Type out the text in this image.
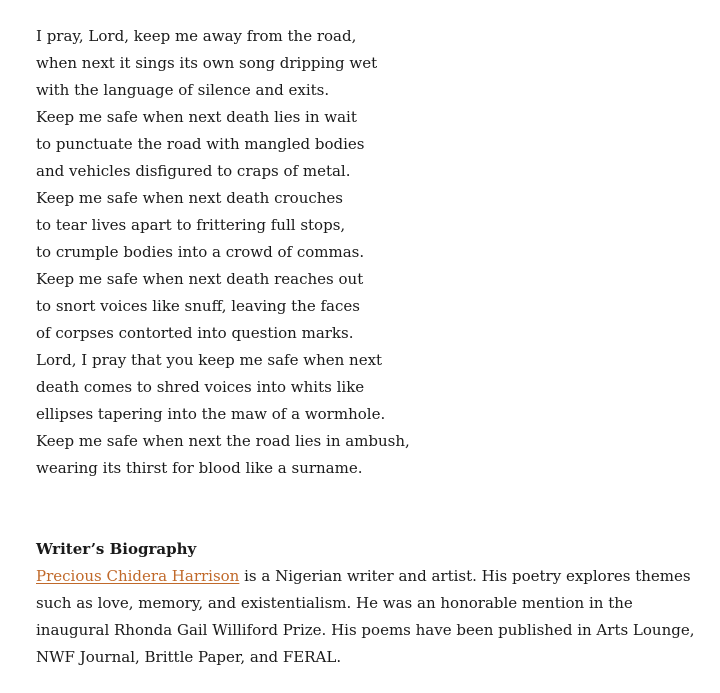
I pray, Lord, keep me away from the road,
when next it sings its own song dripping wet
with the language of silence and exits.
Keep me safe when next death lies in wait
to punctuate the road with mangled bodies
and vehicles disfigured to craps of metal.
Keep me safe when next death crouches
to tear lives apart to frittering full stops,
to crumple bodies into a crowd of commas.
Keep me safe when next death reaches out
to snort voices like snuff, leaving the faces
of corpses contorted into question marks.
Lord, I pray that you keep me safe when next
death comes to shred voices into whits like
ellipses tapering into the maw of a wormhole.
Keep me safe when next the road lies in ambush,
wearing its thirst for blood like a surname.
Writer’s Biography

Precious Chidera Harrison is a Nigerian writer and artist. His poetry explores themes such as love, memory, and existentialism. He was an honorable mention in the inaugural Rhonda Gail Williford Prize. His poems have been published in Arts Lounge, NWF Journal, Brittle Paper, and FERAL.
